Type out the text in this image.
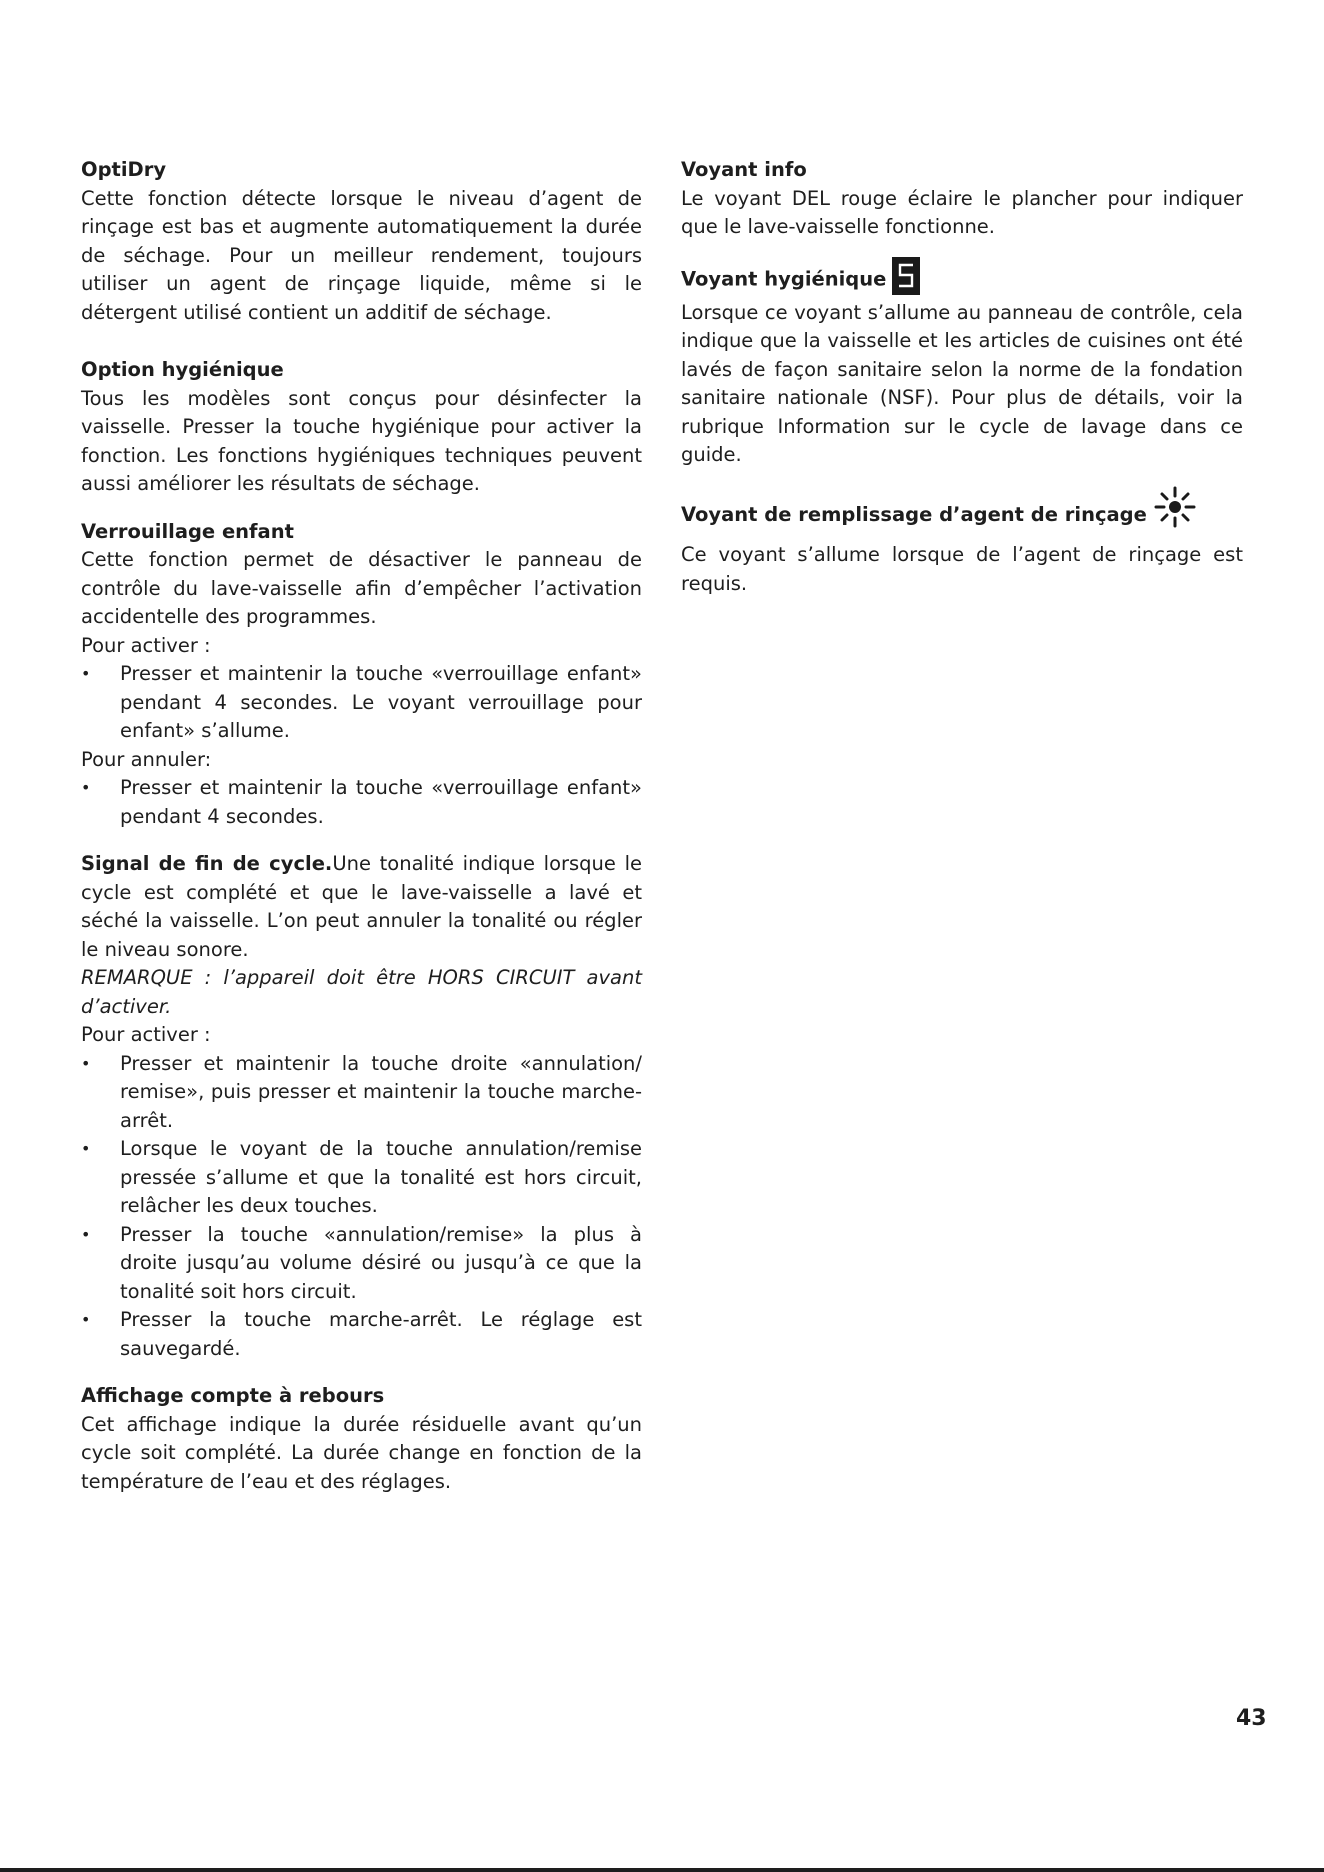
OptiDry

Cette fonction détecte lorsque le niveau d’agent de rinçage est bas et augmente automatiquement la durée de séchage. Pour un meilleur rendement, toujours utiliser un agent de rinçage liquide, même si le détergent utilisé contient un additif de séchage.

Option hygiénique

Tous les modèles sont conçus pour désinfecter la vaisselle. Presser la touche hygiénique pour activer la fonction. Les fonctions hygiéniques techniques peuvent aussi améliorer les résultats de séchage.

Verrouillage enfant

Cette fonction permet de désactiver le panneau de contrôle du lave-vaisselle afin d’empêcher l’activation accidentelle des programmes.

Pour activer :

• Presser et maintenir la touche «verrouillage enfant» pendant 4 secondes. Le voyant verrouillage pour enfant» s’allume.

Pour annuler:

• Presser et maintenir la touche «verrouillage enfant» pendant 4 secondes.

Signal de fin de cycle.Une tonalité indique lorsque le cycle est complété et que le lave-vaisselle a lavé et séché la vaisselle. L’on peut annuler la tonalité ou régler le niveau sonore.

REMARQUE : l’appareil doit être HORS CIRCUIT avant d’activer.

Pour activer :

• Presser et maintenir la touche droite «annulation/ remise», puis presser et maintenir la touche marche-arrêt.
• Lorsque le voyant de la touche annulation/remise pressée s’allume et que la tonalité est hors circuit, relâcher les deux touches.
• Presser la touche «annulation/remise» la plus à droite jusqu’au volume désiré ou jusqu’à ce que la tonalité soit hors circuit.
• Presser la touche marche-arrêt. Le réglage est sauvegardé.
Affichage compte à rebours

Cet affichage indique la durée résiduelle avant qu’un cycle soit complété. La durée change en fonction de la température de l’eau et des réglages.

Voyant info

Le voyant DEL rouge éclaire le plancher pour indiquer que le lave-vaisselle fonctionne.

Voyant hygiénique

Lorsque ce voyant s’allume au panneau de contrôle, cela indique que la vaisselle et les articles de cuisines ont été lavés de façon sanitaire selon la norme de la fondation sanitaire nationale (NSF). Pour plus de détails, voir la rubrique Information sur le cycle de lavage dans ce guide.

Voyant de remplissage d’agent de rinçage

Ce voyant s’allume lorsque de l’agent de rinçage est requis.

43
